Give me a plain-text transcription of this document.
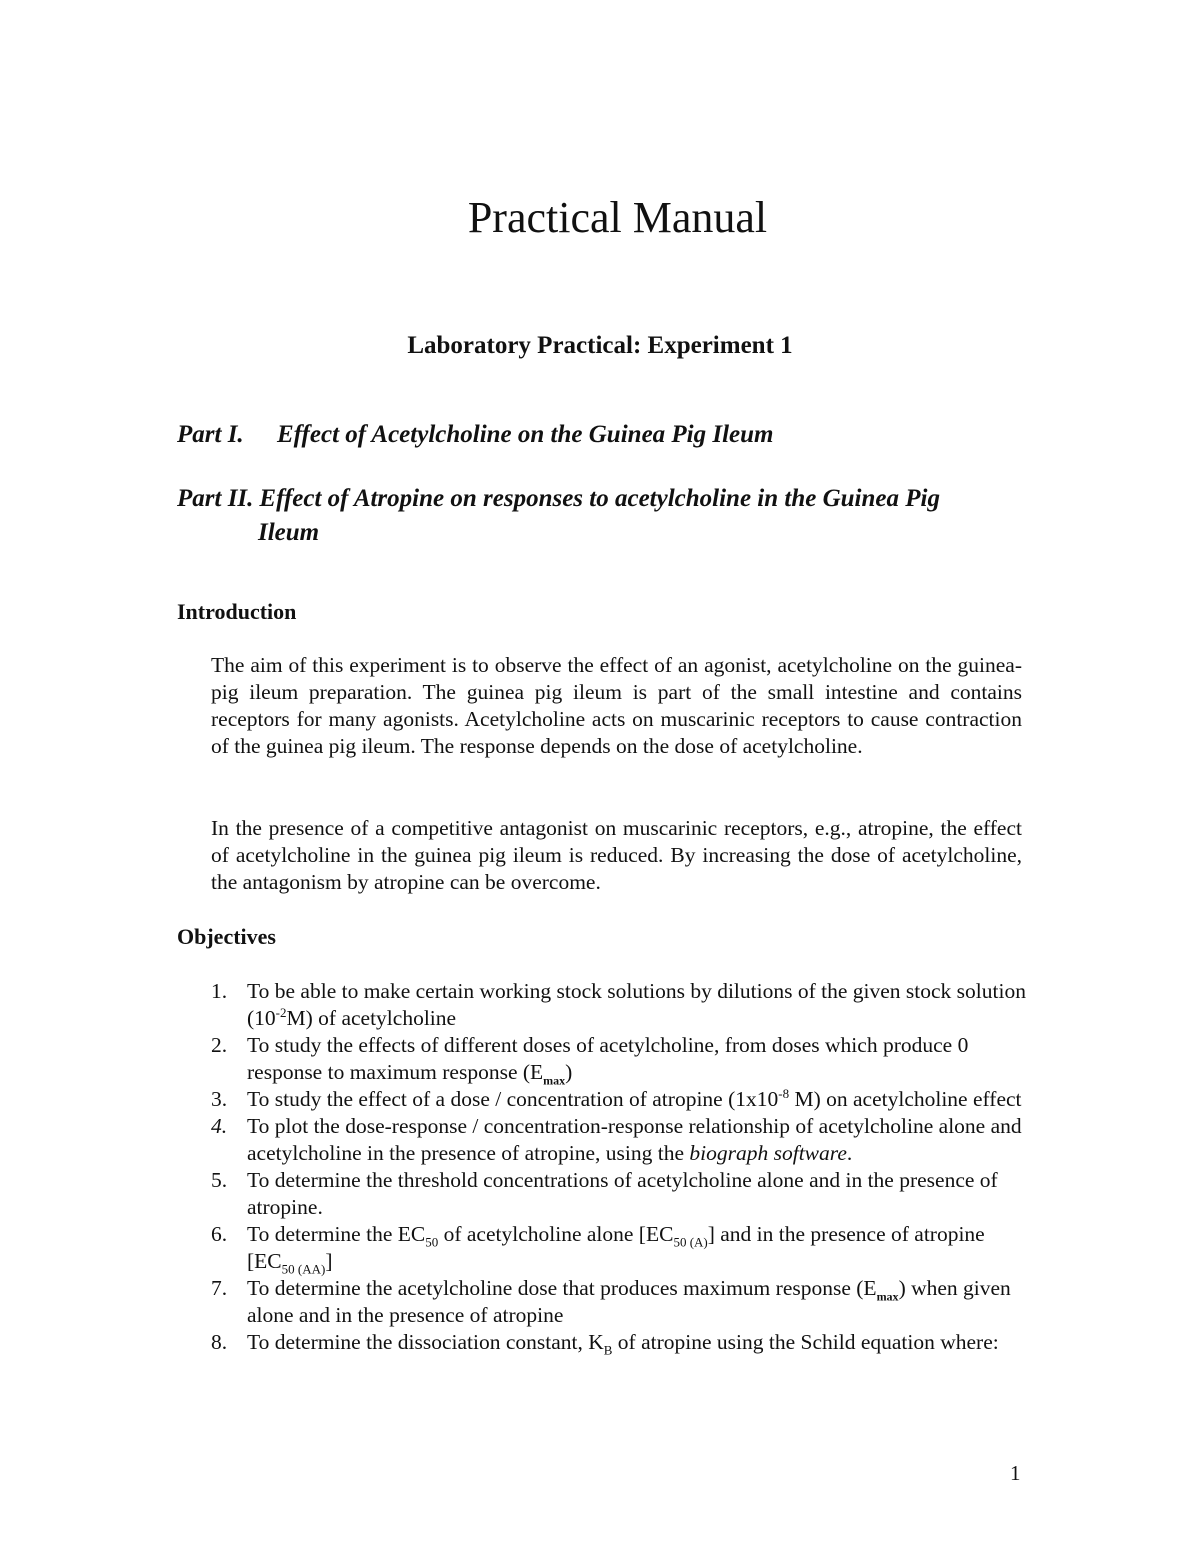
Practical Manual
Laboratory Practical: Experiment 1
Part I. Effect of Acetylcholine on the Guinea Pig Ileum
Part II. Effect of Atropine on responses to acetylcholine in the Guinea Pig
Ileum
Introduction

The aim of this experiment is to observe the effect of an agonist, acetylcholine on the guinea-pig ileum preparation. The guinea pig ileum is part of the small intestine and contains receptors for many agonists. Acetylcholine acts on muscarinic receptors to cause contraction of the guinea pig ileum. The response depends on the dose of acetylcholine.

In the presence of a competitive antagonist on muscarinic receptors, e.g., atropine, the effect of acetylcholine in the guinea pig ileum is reduced. By increasing the dose of acetylcholine, the antagonism by atropine can be overcome.

Objectives
1. To be able to make certain working stock solutions by dilutions of the given stock solution $(10^{-2}M)$ of acetylcholine
2. To study the effects of different doses of acetylcholine, from doses which produce 0 response to maximum response $(E_{max})$
3. To study the effect of a dose / concentration of atropine ($1x10^{-8}$ M) on acetylcholine effect
4. To plot the dose-response / concentration-response relationship of acetylcholine alone and acetylcholine in the presence of atropine, using the biograph software.
5. To determine the threshold concentrations of acetylcholine alone and in the presence of atropine.
6. To determine the $EC_{50}$ of acetylcholine alone $[EC_{50 (A)}]$ and in the presence of atropine $[EC_{50 (AA)}]$
7. To determine the acetylcholine dose that produces maximum response $(E_{max})$ when given alone and in the presence of atropine
8. To determine the dissociation constant, $K_B$ of atropine using the Schild equation where:
1
